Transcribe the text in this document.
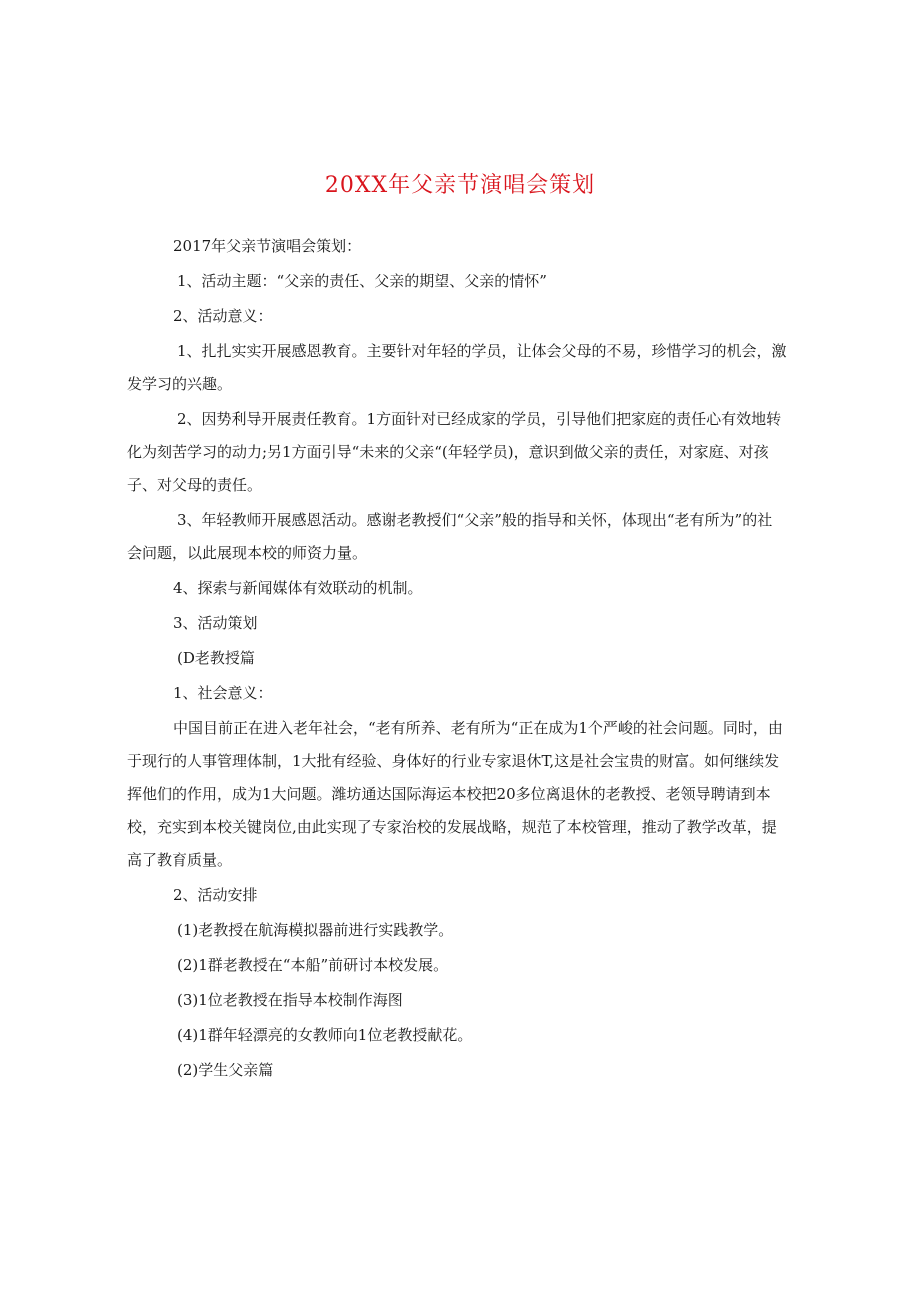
20XX年父亲节演唱会策划

2017年父亲节演唱会策划：

1、活动主题：“父亲的责任、父亲的期望、父亲的情怀”

2、活动意义：

1、扎扎实实开展感恩教育。主要针对年轻的学员，让体会父母的不易，珍惜学习的机会，激发学习的兴趣。

2、因势利导开展责任教育。1方面针对已经成家的学员，引导他们把家庭的责任心有效地转化为刻苦学习的动力;另1方面引导“未来的父亲“(年轻学员)，意识到做父亲的责任，对家庭、对孩子、对父母的责任。

3、年轻教师开展感恩活动。感谢老教授们“父亲”般的指导和关怀，体现出“老有所为”的社会问题，以此展现本校的师资力量。

4、探索与新闻媒体有效联动的机制。

3、活动策划

(D老教授篇

1、社会意义：

中国目前正在进入老年社会，“老有所养、老有所为“正在成为1个严峻的社会问题。同时，由于现行的人事管理体制，1大批有经验、身体好的行业专家退休T,这是社会宝贵的财富。如何继续发挥他们的作用，成为1大问题。潍坊通达国际海运本校把20多位离退休的老教授、老领导聘请到本校，充实到本校关键岗位,由此实现了专家治校的发展战略，规范了本校管理，推动了教学改革，提高了教育质量。

2、活动安排

(1)老教授在航海模拟器前进行实践教学。

(2)1群老教授在“本船”前研讨本校发展。

(3)1位老教授在指导本校制作海图

(4)1群年轻漂亮的女教师向1位老教授献花。

(2)学生父亲篇
